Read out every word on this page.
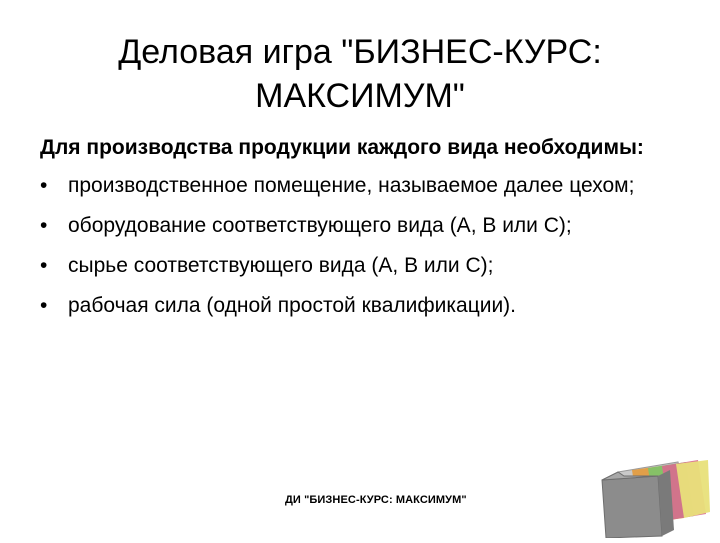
Деловая игра "БИЗНЕС-КУРС: МАКСИМУМ"

Для производства продукции каждого вида необходимы:

• производственное помещение, называемое далее цехом;
• оборудование соответствующего вида (А, В или С);
• сырье соответствующего вида (А, В или С);
• рабочая сила (одной простой квалификации).
ДИ "БИЗНЕС-КУРС: МАКСИМУМ"
